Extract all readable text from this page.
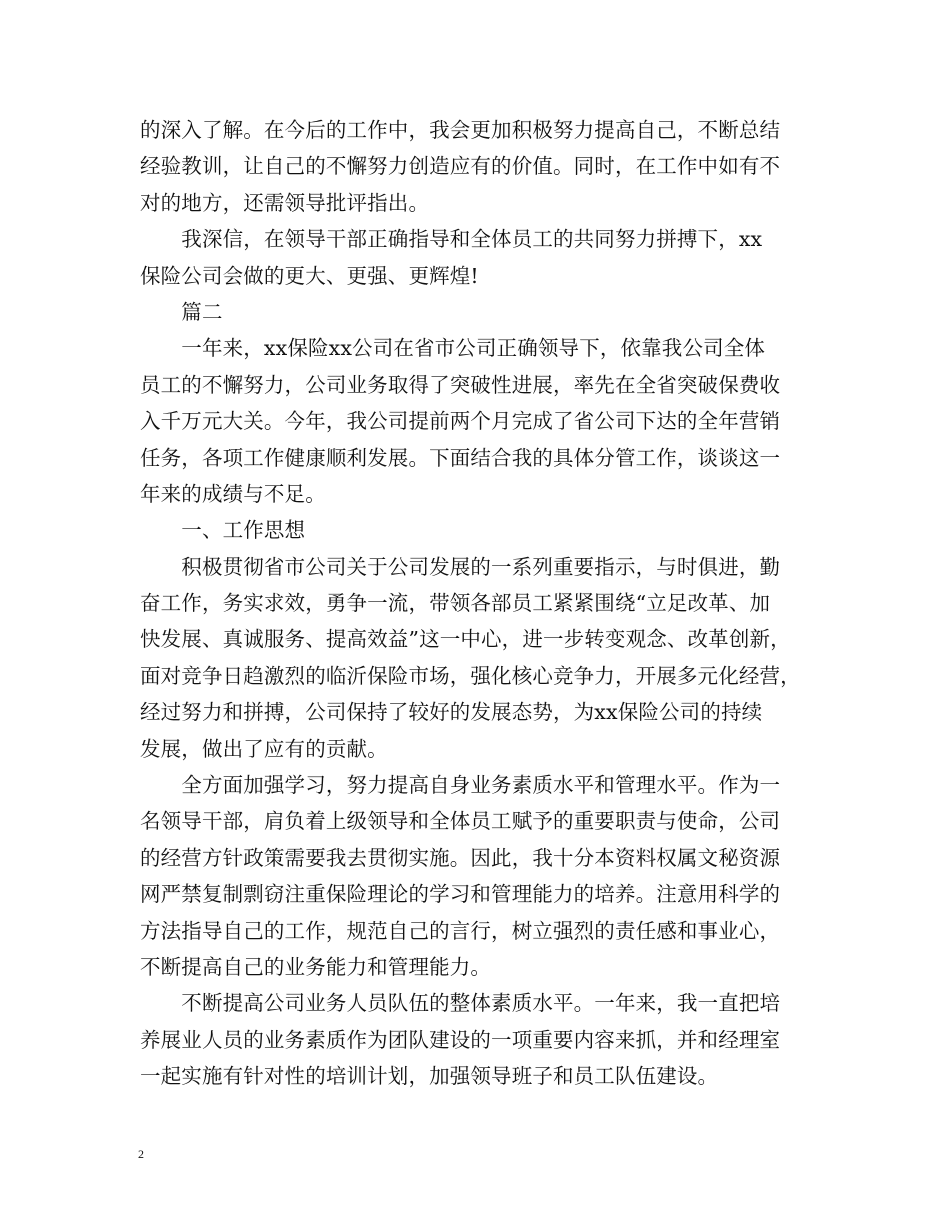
的深入了解。在今后的工作中，我会更加积极努力提高自己，不断总结
经验教训，让自己的不懈努力创造应有的价值。同时，在工作中如有不
对的地方，还需领导批评指出。
　　我深信，在领导干部正确指导和全体员工的共同努力拼搏下，xx
保险公司会做的更大、更强、更辉煌!
　　篇二
　　一年来，xx保险xx公司在省市公司正确领导下，依靠我公司全体
员工的不懈努力，公司业务取得了突破性进展，率先在全省突破保费收
入千万元大关。今年，我公司提前两个月完成了省公司下达的全年营销
任务，各项工作健康顺利发展。下面结合我的具体分管工作，谈谈这一
年来的成绩与不足。
　　一、工作思想
　　积极贯彻省市公司关于公司发展的一系列重要指示，与时俱进，勤
奋工作，务实求效，勇争一流，带领各部员工紧紧围绕“立足改革、加
快发展、真诚服务、提高效益”这一中心，进一步转变观念、改革创新，
面对竞争日趋激烈的临沂保险市场，强化核心竞争力，开展多元化经营，
经过努力和拼搏，公司保持了较好的发展态势，为xx保险公司的持续
发展，做出了应有的贡献。
　　全方面加强学习，努力提高自身业务素质水平和管理水平。作为一
名领导干部，肩负着上级领导和全体员工赋予的重要职责与使命，公司
的经营方针政策需要我去贯彻实施。因此，我十分本资料权属文秘资源
网严禁复制剽窃注重保险理论的学习和管理能力的培养。注意用科学的
方法指导自己的工作，规范自己的言行，树立强烈的责任感和事业心，
不断提高自己的业务能力和管理能力。
　　不断提高公司业务人员队伍的整体素质水平。一年来，我一直把培
养展业人员的业务素质作为团队建设的一项重要内容来抓，并和经理室
一起实施有针对性的培训计划，加强领导班子和员工队伍建设。
2
